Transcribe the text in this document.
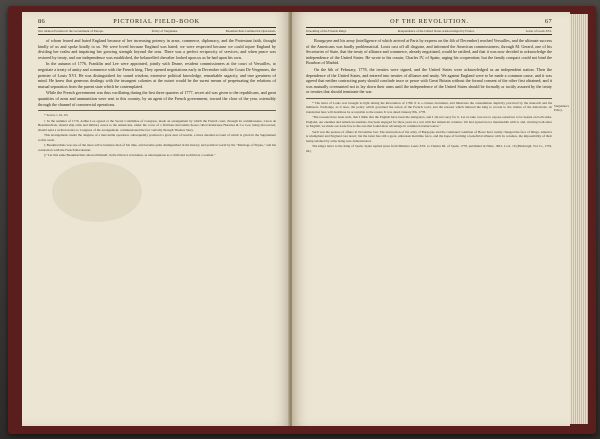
86	PICTORIAL FIELD-BOOK
Our relation Position in the Government of Europe.	Policy of Vergennes.	Beaumarchais Commercial Operations.

of whom feared and hated England because of her increasing potency in arms, commerce, diplomacy, and the Protestant faith, thought kindly of us and spoke kindly to us. We were loved because England was hated; we were respected because we could injure England by dividing her realm and impairing her growing strength beyond the seas. There was a perfect reciprocity of services; and when peace was restored by treaty, and our independence was established, the belaurelled chevalier looked upon us as he had upon his own.

In the autumn of 1776, Franklin and Lee were appointed, jointly with Deane, resident commissioners at the court of Versailles, to negotiate a treaty of amity and commerce with the French king. They opened negotiations early in December with the Count De Vergennes, the premier of Louis XVI. He was distinguished for sound wisdom, extensive political knowledge, remarkable sagacity, and true greatness of mind. He knew that generous dealings with the insurgent colonies at the outset would be the surest means of perpetuating the relations of mutual separation from the parent state which he contemplated.

While the French government was thus vacillating during the first three quarters of 1777, secret aid was given to the republicans, and great quantities of arms and ammunition were sent to this country, by an agent of the French government, toward the close of the year, ostensibly through the channel of commercial operations.

* Secret, i. 61, 65.

† In the summer of 1776, Arthur Lee agreed at the Secret Committee of Congress, made an arrangement by which the French court, through its commissioner, Caron de Beaumarchais, should ship arms and military stores to the Americans, under the cover of a fictitious mercantile house called Roderique Hortalez & Co. Lee, being discovered, should send a written notice to Congress of the arrangement, communicated the fact verbally through Thomas Story.

This arrangement, under the disguise of a mercantile operation, subsequently produced a great deal of trouble, a more detailed account of which is given in the Supplement to this work.

‡ Beaumarchais was one of the most active business men of his time, and became quite distinguished in the literary and political world by his "Marriage of Figaro," and his connection with the French Revolution.

§ "Let this same Beaumarchais showed himself, in the Divorce revolution, as unscrupulous as a child and as timid as a woman."

OF THE REVOLUTION.	67
Unsolding of the Friends Rings.	Independence of the United States acknowledged by France.	Letter of Louis XVI.

Bourgoyne and his army (intelligence of which arrived at Paris by express on the 4th of December) reached Versailles, and the ultimate success of the Americans was hardly problematical. Louis cast off all disguise, and informed the American commissioners, through M. Gerard, one of his Secretaries of State, that the treaty of alliance and commerce, already negotiated, would be ratified, and that it was now decided to acknowledge the independence of the United States. He wrote to his cousin, Charles IV, of Spain, urging his cooperation; but the family compact could not bind the Bourbon of Madrid.

On the 6th of February, 1778, the treaties were signed, and the United States were acknowledged as an independent nation. Then the dependence of the United States, and entered into treaties of alliance and amity. We against England were to be made a common cause, and it was agreed that neither contracting party should conclude truce or peace with Great Britain without the formal consent of the other first obtained; and it was mutually covenanted not to lay down their arms until the independence of the United States should be formally or tacitly assured by the treaty or treaties that should terminate the war.

* The letter of Louis was brought to light during the Revolution of 1789. It is a curious document, and illustrates the consummate duplicity practiced by the monarch and his ministers. Exchange, as it does, the policy which governed the action of the French court, and the reasons which induced the king to accede to the wishes of the Americans, its translation here will doubtless be acceptable to the reader. It was dated January 8th, 1778.

"The reasons have been such, that I think that the English have been the instigators, and I am not sorry for it. Let us take care not to expose ourselves to be beaten on both sides. England, our enemies and American enemies, has been engaged for three years in a war with her American colonies. We had agreed not to intermeddle with it, and, viewing both sides as English, we made our trade free to the one that found most advantage in commercial intercourse."

Such was the posture of affairs in November last. The destruction of the army of Burgoyne and the continued condition of Howe have totally changed the face of things. America is triumphant and England cast down; but the latter has still a great, unbroken maritime force, and the hope of forming a beneficial alliance with its colonies, the impossibility of their being subdued by arms being now demonstrated.

The king's letter to the King of Spain, Spain replied (note from Ministre Louis XVI. to Charles III. of Spain, 1778, published in Niles, 1823, 2 ed., 10 (Pittsburgh, Vol. iv., 1793, 94.)

Vergennes's Policy.
